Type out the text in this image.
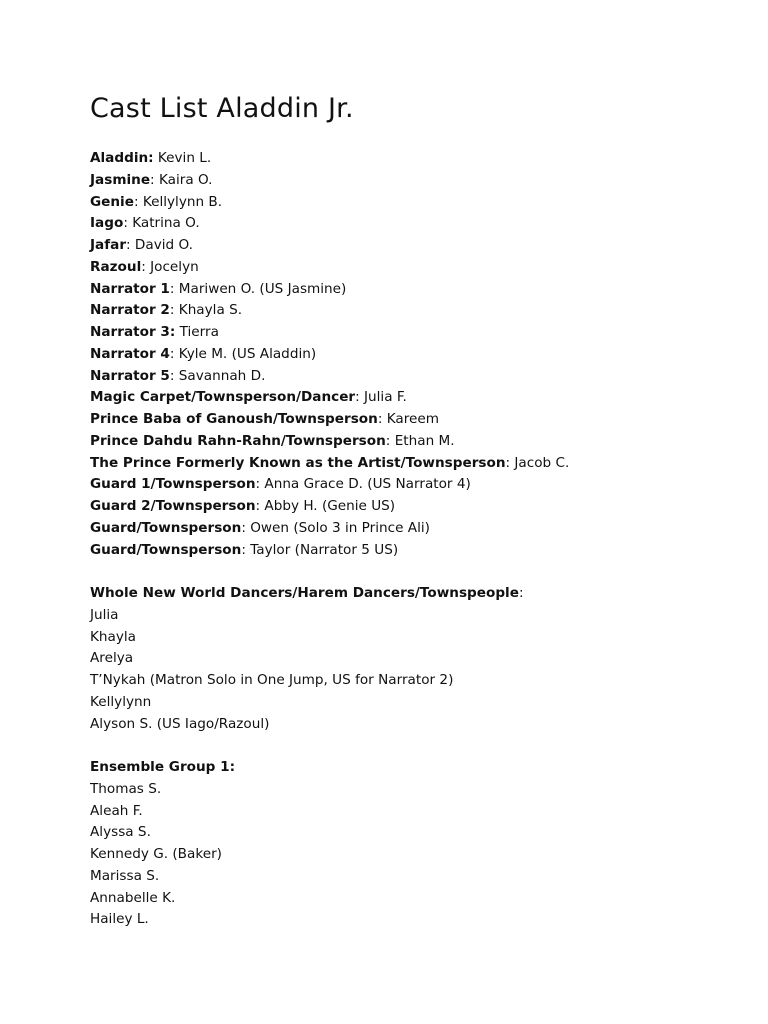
Cast List Aladdin Jr.
Aladdin: Kevin L.
Jasmine: Kaira O.
Genie: Kellylynn B.
Iago: Katrina O.
Jafar: David O.
Razoul: Jocelyn
Narrator 1: Mariwen O. (US Jasmine)
Narrator 2: Khayla S.
Narrator 3: Tierra
Narrator 4: Kyle M. (US Aladdin)
Narrator 5: Savannah D.
Magic Carpet/Townsperson/Dancer: Julia F.
Prince Baba of Ganoush/Townsperson: Kareem
Prince Dahdu Rahn-Rahn/Townsperson: Ethan M.
The Prince Formerly Known as the Artist/Townsperson: Jacob C.
Guard 1/Townsperson: Anna Grace D. (US Narrator 4)
Guard 2/Townsperson: Abby H. (Genie US)
Guard/Townsperson: Owen (Solo 3 in Prince Ali)
Guard/Townsperson: Taylor (Narrator 5 US)
Whole New World Dancers/Harem Dancers/Townspeople:
Julia
Khayla
Arelya
T’Nykah (Matron Solo in One Jump, US for Narrator 2)
Kellylynn
Alyson S. (US Iago/Razoul)
Ensemble Group 1:
Thomas S.
Aleah F.
Alyssa S.
Kennedy G. (Baker)
Marissa S.
Annabelle K.
Hailey L.
